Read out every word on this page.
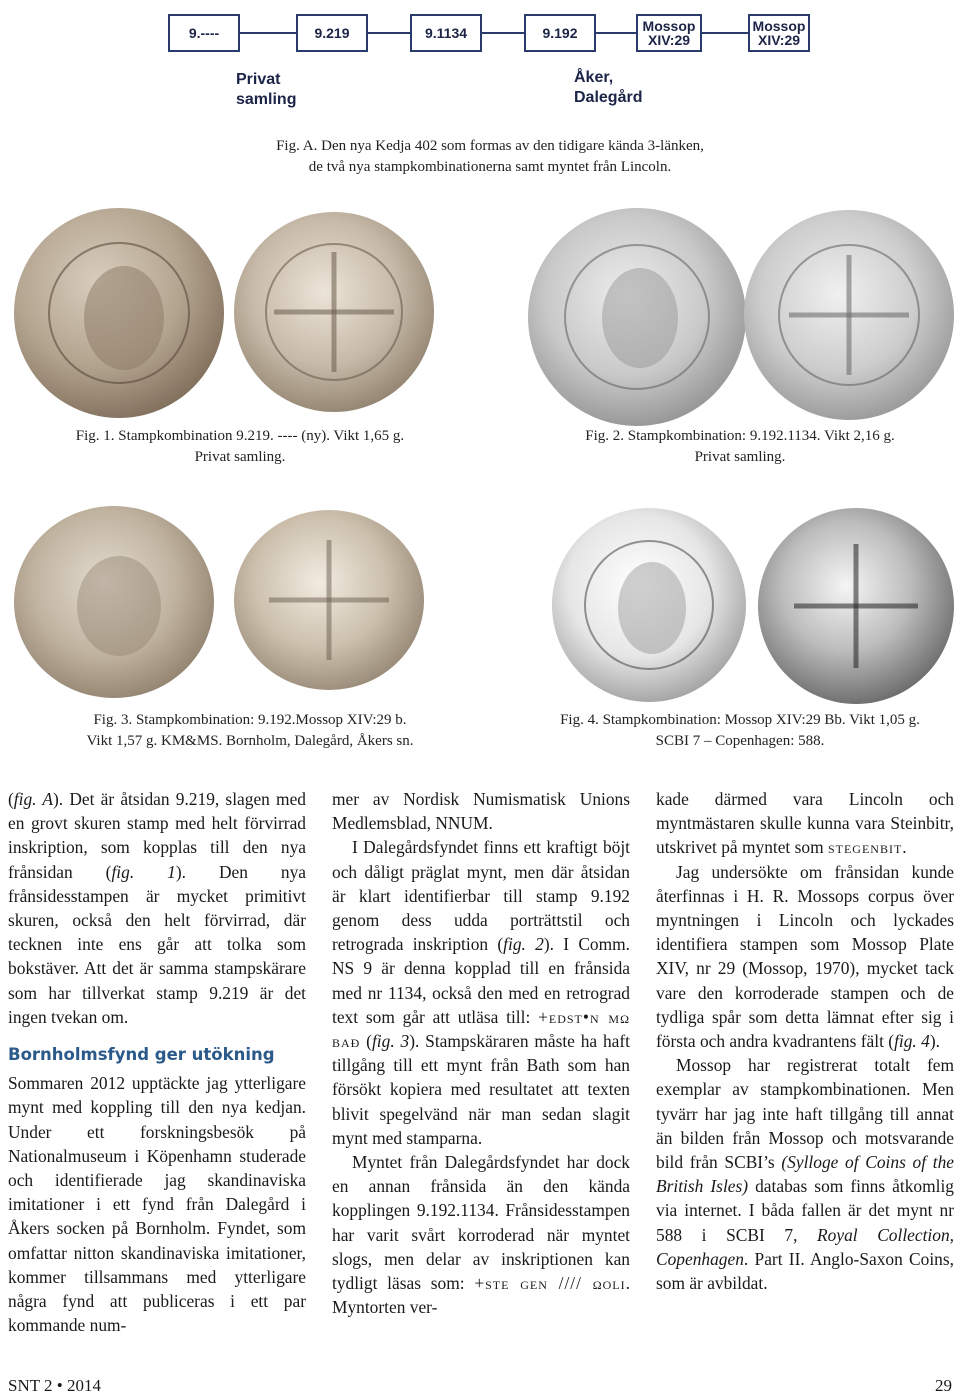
9.----	9.219	9.1134	9.192	Mossop XIV:29
Mossop XIV:29
Privat
samling
Åker,
Dalegård
Fig. A. Den nya Kedja 402 som formas av den tidigare kända 3-länken,
de två nya stampkombinationerna samt myntet från Lincoln.
Fig. 1. Stampkombination 9.219. ---- (ny). Vikt 1,65 g.
Privat samling.
Fig. 2. Stampkombination: 9.192.1134. Vikt 2,16 g.
Privat samling.
Fig. 3. Stampkombination: 9.192.Mossop XIV:29 b.
Vikt 1,57 g. KM&MS. Bornholm, Dalegård, Åkers sn.
Fig. 4. Stampkombination: Mossop XIV:29 Bb. Vikt 1,05 g.
SCBI 7 – Copenhagen: 588.

(fig. A). Det är åtsidan 9.219, slagen med en grovt skuren stamp med helt förvirrad inskription, som kopplas till den nya frånsidan (fig. 1). Den nya frånsidesstampen är mycket primitivt skuren, också den helt förvirrad, där tecknen inte ens går att tolka som bokstäver. Att det är samma stampskärare som har tillverkat stamp 9.219 är det ingen tvekan om.

Bornholmsfynd ger utökning

Sommaren 2012 upptäckte jag ytterligare mynt med koppling till den nya kedjan. Under ett forskningsbesök på Nationalmuseum i Köpenhamn studerade och identifierade jag skandinaviska imitationer i ett fynd från Dalegård i Åkers socken på Bornholm. Fyndet, som omfattar nitton skandinaviska imitationer, kommer tillsammans med ytterligare några fynd att publiceras i ett par kommande num-

mer av Nordisk Numismatisk Unions Medlemsblad, NNUM.

I Dalegårdsfyndet finns ett kraftigt böjt och dåligt präglat mynt, men där åtsidan är klart identifierbar till stamp 9.192 genom dess udda porträttstil och retrograda inskription (fig. 2). I Comm. NS 9 är denna kopplad till en frånsida med nr 1134, också den med en retrograd text som går att utläsa till: +edst•n mω bað (fig. 3). Stampskäraren måste ha haft tillgång till ett mynt från Bath som han försökt kopiera med resultatet att texten blivit spegelvänd när man sedan slagit mynt med stamparna.

Myntet från Dalegårdsfyndet har dock en annan frånsida än den kända kopplingen 9.192.1134. Frånsidesstampen har varit svårt korroderad när myntet slogs, men delar av inskriptionen kan tydligt läsas som: +ste gen //// ωoli. Myntorten ver-

kade därmed vara Lincoln och myntmästaren skulle kunna vara Steinbitr, utskrivet på myntet som stegenbit.

Jag undersökte om frånsidan kunde återfinnas i H. R. Mossops corpus över myntningen i Lincoln och lyckades identifiera stampen som Mossop Plate XIV, nr 29 (Mossop, 1970), mycket tack vare den korroderade stampen och de tydliga spår som detta lämnat efter sig i första och andra kvadrantens fält (fig. 4).

Mossop har registrerat totalt fem exemplar av stampkombinationen. Men tyvärr har jag inte haft tillgång till annat än bilden från Mossop och motsvarande bild från SCBI’s (Sylloge of Coins of the British Isles) databas som finns åtkomlig via internet. I båda fallen är det mynt nr 588 i SCBI 7, Royal Collection, Copenhagen. Part II. Anglo-Saxon Coins, som är avbildat.

SNT 2 • 2014	29
